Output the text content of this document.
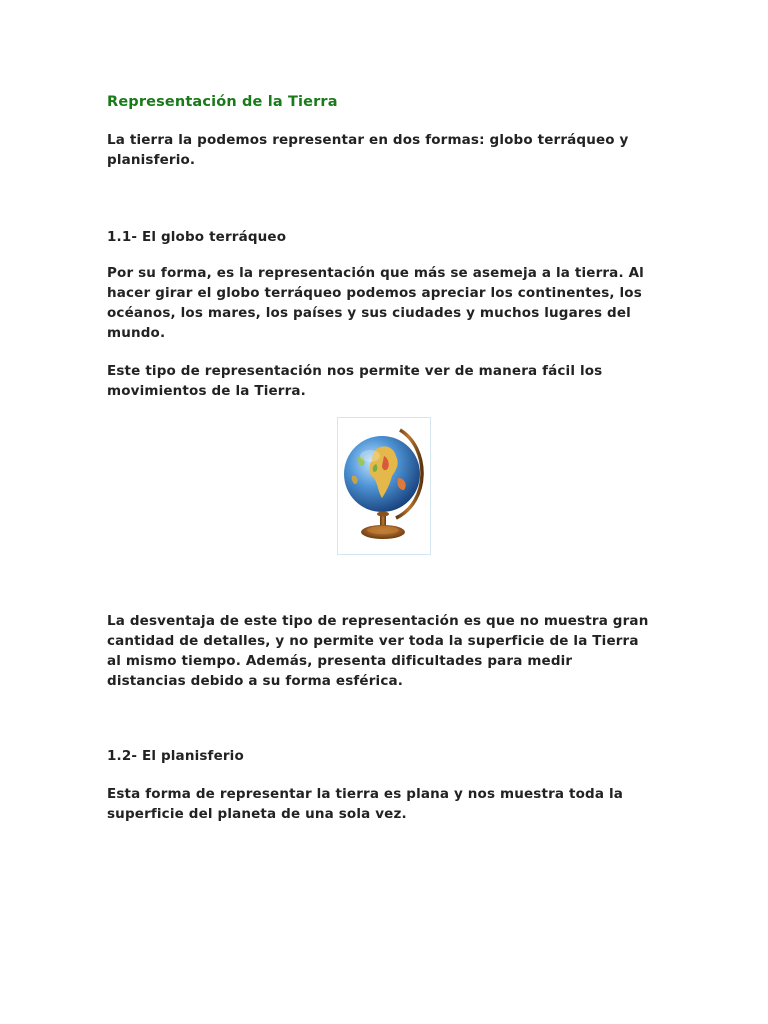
Representación de la Tierra
La tierra la podemos representar en dos formas: globo terráqueo y
planisferio.
1.1- El globo terráqueo
Por su forma, es la representación que más se asemeja a la tierra. Al
hacer girar el globo terráqueo podemos apreciar los continentes, los
océanos, los mares, los países y sus ciudades y muchos lugares del
mundo.
Este tipo de representación nos permite ver de manera fácil los
movimientos de la Tierra.
La desventaja de este tipo de representación es que no muestra gran
cantidad de detalles, y no permite ver toda la superficie de la Tierra
al mismo tiempo. Además, presenta dificultades para medir
distancias debido a su forma esférica.
1.2- El planisferio
Esta forma de representar la tierra es plana y nos muestra toda la
superficie del planeta de una sola vez.
